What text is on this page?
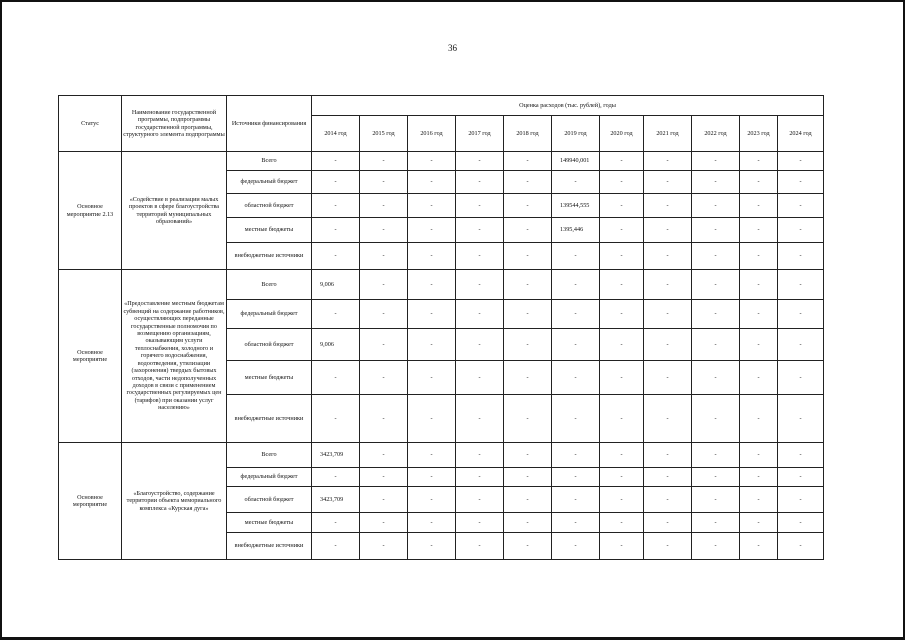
36
Статус	Наименование государственной программы, подпрограммы государственной программы, структурного элемента подпрограммы	Источники финансирования	Оценка расходов (тыс. рублей), годы										
			2014 год	2015 год	2016 год	2017 год	2018 год	2019 год	2020 год	2021 год	2022 год	2023 год	2024 год
Основное мероприятие 2.13	«Содействие в реализации малых проектов в сфере благоустройства территорий муниципальных образований»	Всего	-	-	-	-	-	149940,001	-	-	-	-	-
		федеральный бюджет	-	-	-	-	-	-	-	-	-	-	-
		областной бюджет	-	-	-	-	-	139544,555	-	-	-	-	-
		местные бюджеты	-	-	-	-	-	1395,446	-	-	-	-	-
		внебюджетные источники	-	-	-	-	-	-	-	-	-	-	-
Основное мероприятие	«Предоставление местным бюджетам субвенций на содержание работников, осуществляющих переданные государственные полномочия по возмещению организациям, оказывающим услуги теплоснабжения, холодного и горячего водоснабжения, водоотведения, утилизации (захоронения) твердых бытовых отходов, части недополученных доходов в связи с применением государственных регулируемых цен (тарифов) при оказании услуг населению»	Всего	9,006	-	-	-	-	-	-	-	-	-	-
		федеральный бюджет	-	-	-	-	-	-	-	-	-	-	-
		областной бюджет	9,006	-	-	-	-	-	-	-	-	-	-
		местные бюджеты	-	-	-	-	-	-	-	-	-	-	-
		внебюджетные источники	-	-	-	-	-	-	-	-	-	-	-
Основное мероприятие	«Благоустройство, содержание территории объекта мемориального комплекса «Курская дуга»	Всего	3423,709	-	-	-	-	-	-	-	-	-	-
		федеральный бюджет	-	-	-	-	-	-	-	-	-	-	-
		областной бюджет	3423,709	-	-	-	-	-	-	-	-	-	-
		местные бюджеты	-	-	-	-	-	-	-	-	-	-	-
		внебюджетные источники	-	-	-	-	-	-	-	-	-	-	-
